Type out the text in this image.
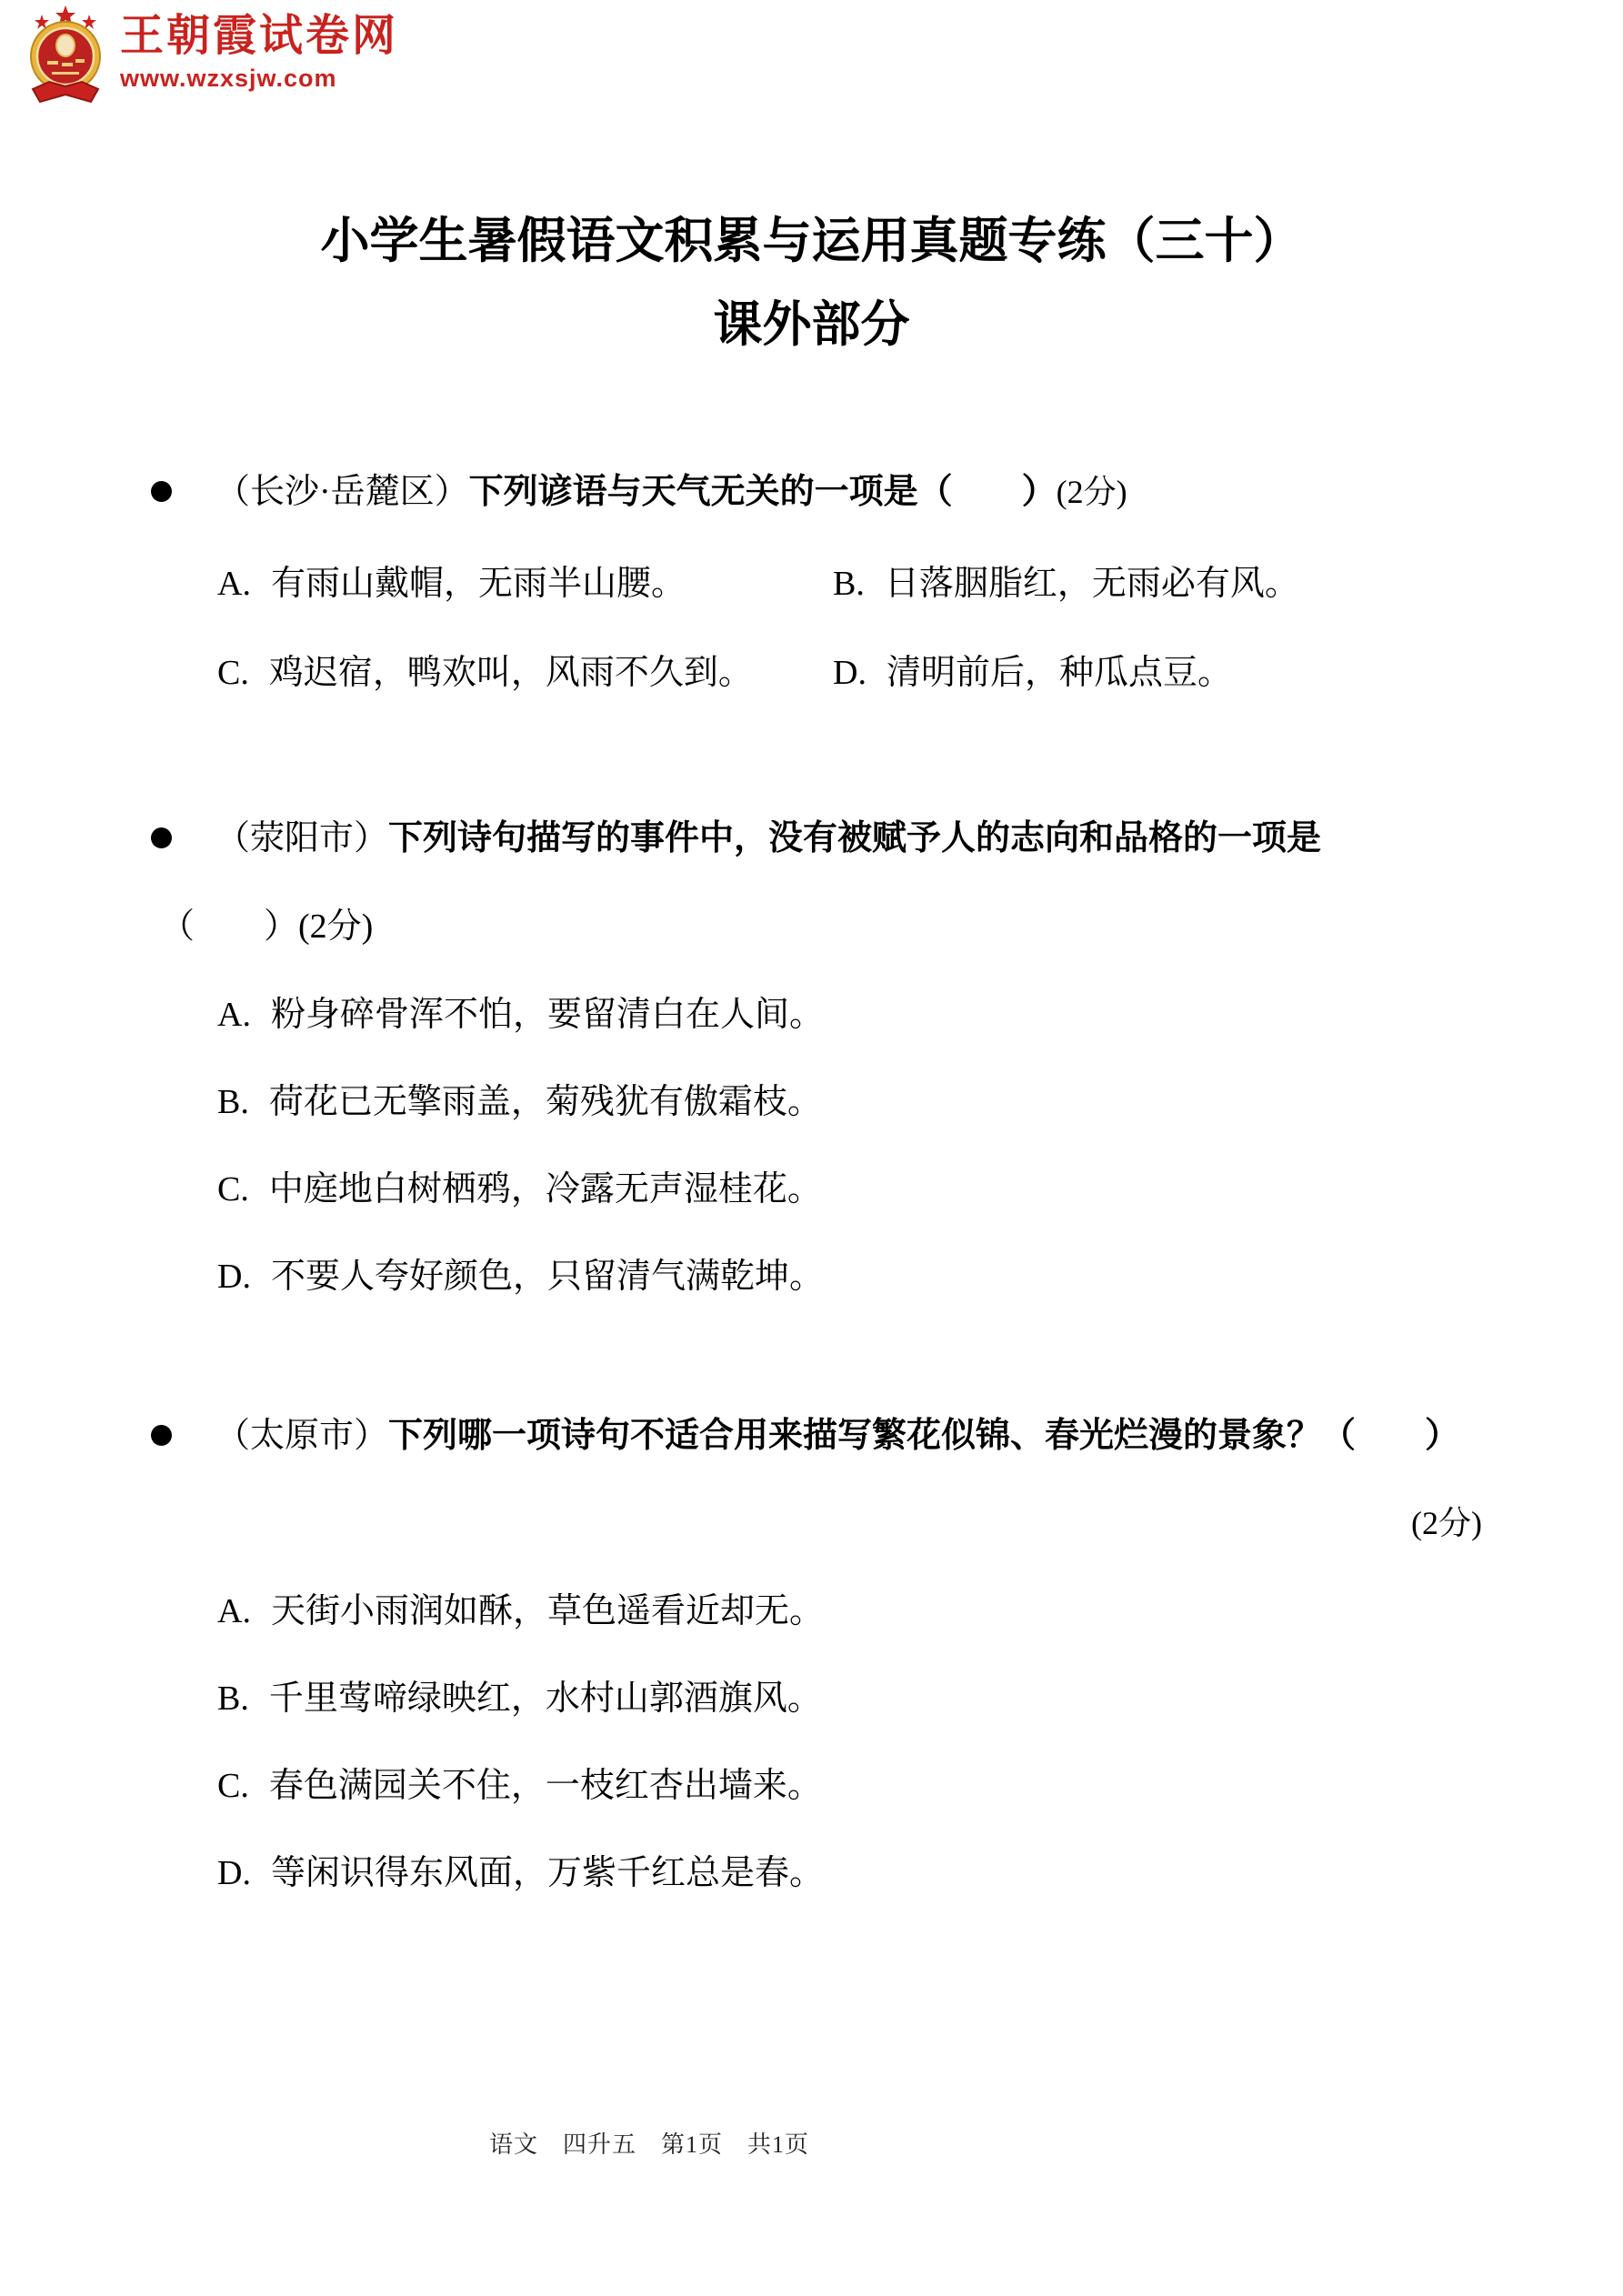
王朝霞试卷网
www.wzxsjw.com
小学生暑假语文积累与运用真题专练（三十）
课外部分
（长沙·岳麓区）下列谚语与天气无关的一项是（　　）(2分)
A. 有雨山戴帽，无雨半山腰。	B. 日落胭脂红，无雨必有风。
C. 鸡迟宿，鸭欢叫，风雨不久到。 D. 清明前后，种瓜点豆。
（荥阳市）下列诗句描写的事件中，没有被赋予人的志向和品格的一项是
（　　）(2分)
A. 粉身碎骨浑不怕，要留清白在人间。
B. 荷花已无擎雨盖，菊残犹有傲霜枝。
C. 中庭地白树栖鸦，冷露无声湿桂花。
D. 不要人夸好颜色，只留清气满乾坤。
（太原市）下列哪一项诗句不适合用来描写繁花似锦、春光烂漫的景象？（　　）
(2分)
A. 天街小雨润如酥，草色遥看近却无。
B. 千里莺啼绿映红，水村山郭酒旗风。
C. 春色满园关不住，一枝红杏出墙来。
D. 等闲识得东风面，万紫千红总是春。
语文　四升五　第1页　共1页
